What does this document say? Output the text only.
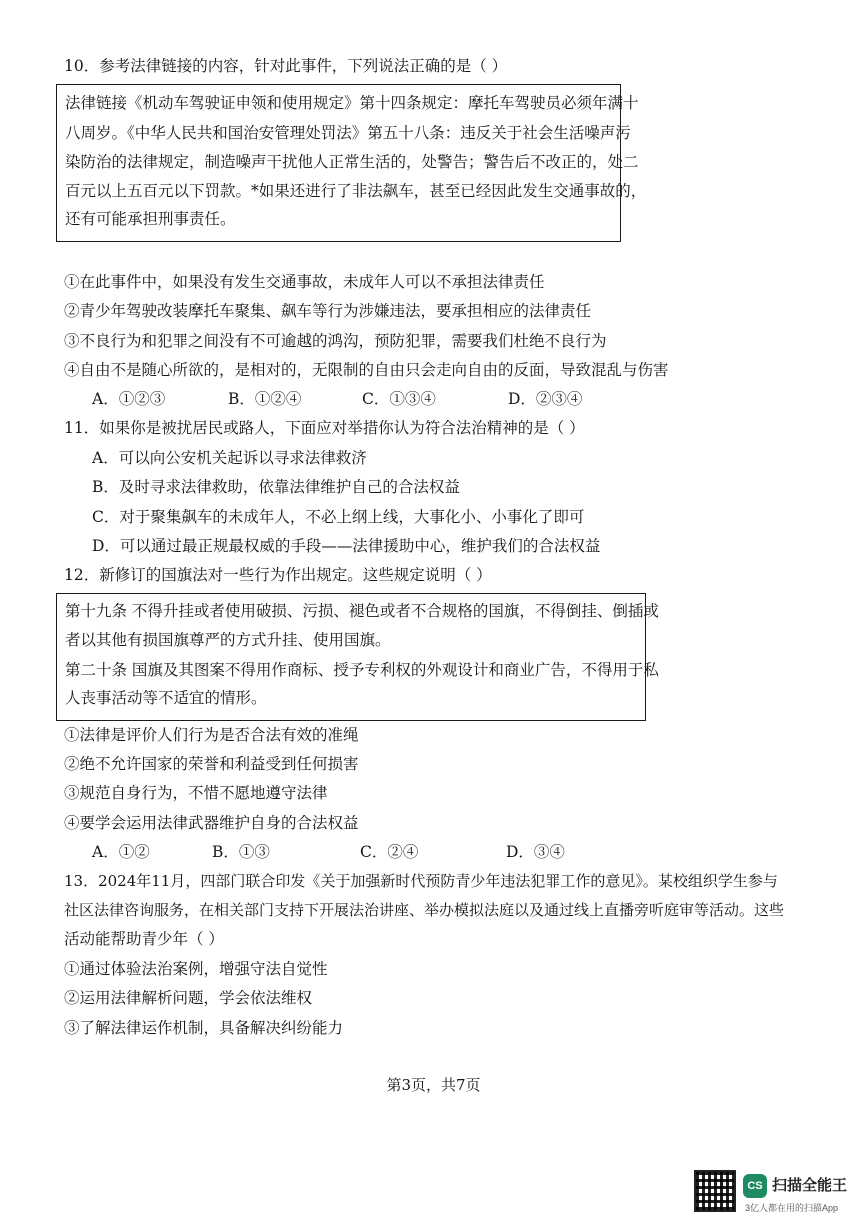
10．参考法律链接的内容，针对此事件，下列说法正确的是（ ）
法律链接《机动车驾驶证申领和使用规定》第十四条规定：摩托车驾驶员必须年满十
八周岁。《中华人民共和国治安管理处罚法》第五十八条：违反关于社会生活噪声污
染防治的法律规定，制造噪声干扰他人正常生活的，处警告；警告后不改正的，处二
百元以上五百元以下罚款。*如果还进行了非法飙车，甚至已经因此发生交通事故的，
还有可能承担刑事责任。
①在此事件中，如果没有发生交通事故，未成年人可以不承担法律责任
②青少年驾驶改装摩托车聚集、飙车等行为涉嫌违法，要承担相应的法律责任
③不良行为和犯罪之间没有不可逾越的鸿沟，预防犯罪，需要我们杜绝不良行为
④自由不是随心所欲的，是相对的，无限制的自由只会走向自由的反面，导致混乱与伤害
A．①②③	B．①②④	C．①③④	D．②③④
11．如果你是被扰居民或路人，下面应对举措你认为符合法治精神的是（ ）
A．可以向公安机关起诉以寻求法律救济
B．及时寻求法律救助，依靠法律维护自己的合法权益
C．对于聚集飙车的未成年人，不必上纲上线，大事化小、小事化了即可
D．可以通过最正规最权威的手段——法律援助中心，维护我们的合法权益
12．新修订的国旗法对一些行为作出规定。这些规定说明（ ）
第十九条 不得升挂或者使用破损、污损、褪色或者不合规格的国旗，不得倒挂、倒插或
者以其他有损国旗尊严的方式升挂、使用国旗。
第二十条 国旗及其图案不得用作商标、授予专利权的外观设计和商业广告，不得用于私
人丧事活动等不适宜的情形。
①法律是评价人们行为是否合法有效的准绳
②绝不允许国家的荣誉和利益受到任何损害
③规范自身行为，不惜不愿地遵守法律
④要学会运用法律武器维护自身的合法权益
A．①②	B．①③	C．②④	D．③④
13．2024年11月，四部门联合印发《关于加强新时代预防青少年违法犯罪工作的意见》。某校组织学生参与
社区法律咨询服务，在相关部门支持下开展法治讲座、举办模拟法庭以及通过线上直播旁听庭审等活动。这些
活动能帮助青少年（ ）
①通过体验法治案例，增强守法自觉性
②运用法律解析问题，学会依法维权
③了解法律运作机制，具备解决纠纷能力
第3页，共7页
CS 扫描全能王
3亿人都在用的扫描App
